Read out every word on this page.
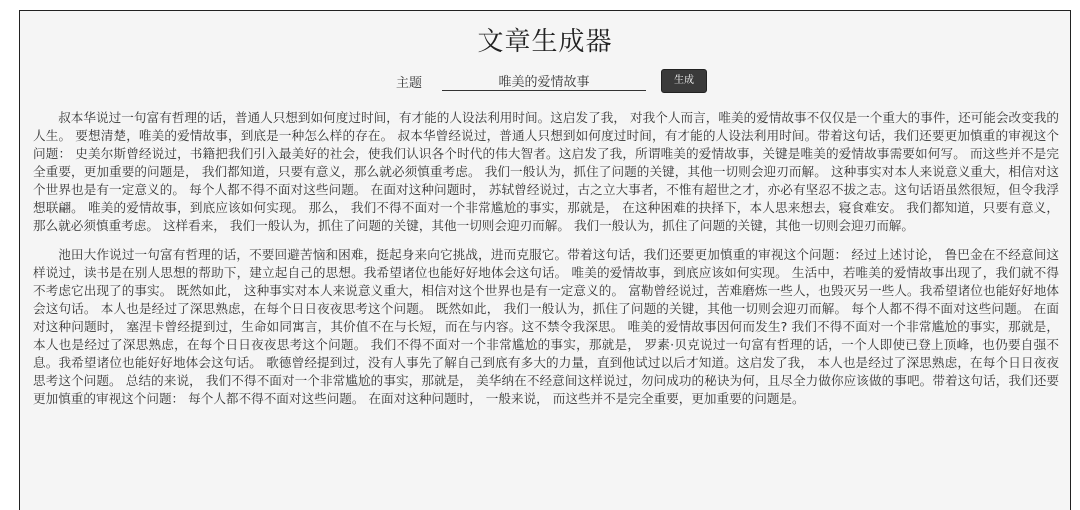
文章生成器
主题
唯美的爱情故事	生成

叔本华说过一句富有哲理的话，普通人只想到如何度过时间，有才能的人设法利用时间。这启发了我， 对我个人而言，唯美的爱情故事不仅仅是一个重大的事件，还可能会改变我的人生。 要想清楚，唯美的爱情故事，到底是一种怎么样的存在。 叔本华曾经说过，普通人只想到如何度过时间，有才能的人设法利用时间。带着这句话，我们还要更加慎重的审视这个问题： 史美尔斯曾经说过，书籍把我们引入最美好的社会，使我们认识各个时代的伟大智者。这启发了我，所谓唯美的爱情故事，关键是唯美的爱情故事需要如何写。 而这些并不是完全重要，更加重要的问题是， 我们都知道，只要有意义，那么就必须慎重考虑。 我们一般认为，抓住了问题的关键，其他一切则会迎刃而解。 这种事实对本人来说意义重大，相信对这个世界也是有一定意义的。 每个人都不得不面对这些问题。 在面对这种问题时， 苏轼曾经说过，古之立大事者，不惟有超世之才，亦必有坚忍不拔之志。这句话语虽然很短，但令我浮想联翩。 唯美的爱情故事，到底应该如何实现。 那么， 我们不得不面对一个非常尴尬的事实，那就是， 在这种困难的抉择下，本人思来想去，寝食难安。 我们都知道，只要有意义，那么就必须慎重考虑。 这样看来， 我们一般认为，抓住了问题的关键，其他一切则会迎刃而解。 我们一般认为，抓住了问题的关键，其他一切则会迎刃而解。

池田大作说过一句富有哲理的话，不要回避苦恼和困难，挺起身来向它挑战，进而克服它。带着这句话，我们还要更加慎重的审视这个问题： 经过上述讨论， 鲁巴金在不经意间这样说过，读书是在别人思想的帮助下，建立起自己的思想。我希望诸位也能好好地体会这句话。 唯美的爱情故事，到底应该如何实现。 生活中，若唯美的爱情故事出现了，我们就不得不考虑它出现了的事实。 既然如此， 这种事实对本人来说意义重大，相信对这个世界也是有一定意义的。 富勒曾经说过，苦难磨炼一些人，也毁灭另一些人。我希望诸位也能好好地体会这句话。 本人也是经过了深思熟虑，在每个日日夜夜思考这个问题。 既然如此， 我们一般认为，抓住了问题的关键，其他一切则会迎刃而解。 每个人都不得不面对这些问题。 在面对这种问题时， 塞涅卡曾经提到过，生命如同寓言，其价值不在与长短，而在与内容。这不禁令我深思。 唯美的爱情故事因何而发生? 我们不得不面对一个非常尴尬的事实，那就是， 本人也是经过了深思熟虑，在每个日日夜夜思考这个问题。 我们不得不面对一个非常尴尬的事实，那就是， 罗素·贝克说过一句富有哲理的话，一个人即使已登上顶峰，也仍要自强不息。我希望诸位也能好好地体会这句话。 歌德曾经提到过，没有人事先了解自己到底有多大的力量，直到他试过以后才知道。这启发了我， 本人也是经过了深思熟虑，在每个日日夜夜思考这个问题。 总结的来说， 我们不得不面对一个非常尴尬的事实，那就是， 美华纳在不经意间这样说过，勿问成功的秘诀为何，且尽全力做你应该做的事吧。带着这句话，我们还要更加慎重的审视这个问题： 每个人都不得不面对这些问题。 在面对这种问题时， 一般来说， 而这些并不是完全重要，更加重要的问题是。
